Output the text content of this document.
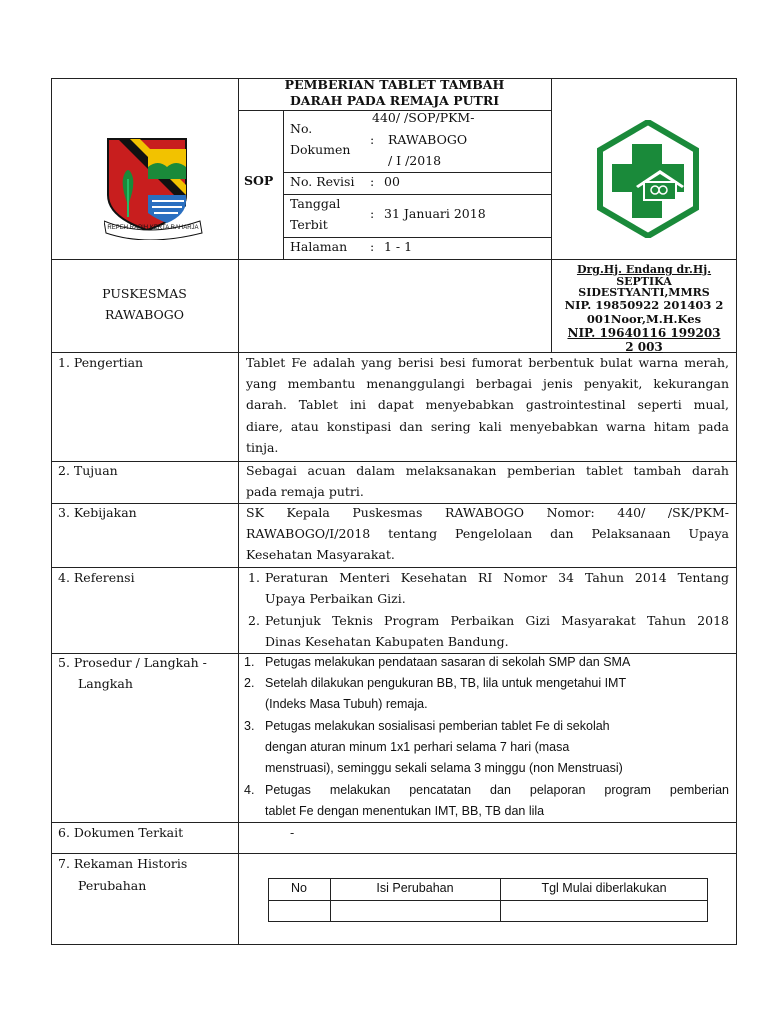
PEMBERIAN TABLET TAMBAH
DARAH PADA REMAJA PUTRI
SOP
No. Dokumen
:
440/ /SOP/PKM-
RAWABOGO
/ I /2018
No. Revisi : 00
Tanggal
Terbit
: 31 Januari 2018
Halaman : 1 - 1
REPEH RAPIH KERTA RAHARJA
PUSKESMAS
RAWABOGO
Drg.Hj. Endang dr.Hj.
SEPTIKA
SIDESTYANTI,MMRS
NIP. 19850922 201403 2
001Noor,M.H.Kes
NIP. 19640116 199203
2 003
1. Pengertian
2. Tujuan
3. Kebijakan
4. Referensi
5. Prosedur / Langkah -
Langkah
6. Dokumen Terkait
7. Rekaman Historis
Perubahan
Tablet Fe adalah yang berisi besi fumorat berbentuk bulat warna merah,
yang membantu menanggulangi berbagai jenis penyakit, kekurangan
darah. Tablet ini dapat menyebabkan gastrointestinal seperti mual,
diare, atau konstipasi dan sering kali menyebabkan warna hitam pada
tinja.
Sebagai acuan dalam melaksanakan pemberian tablet tambah darah
pada remaja putri.
SK Kepala Puskesmas RAWABOGO Nomor: 440/ /SK/PKM-
RAWABOGO/I/2018 tentang Pengelolaan dan Pelaksanaan Upaya
Kesehatan Masyarakat.
1. Peraturan Menteri Kesehatan RI Nomor 34 Tahun 2014 Tentang
Upaya Perbaikan Gizi.
2. Petunjuk Teknis Program Perbaikan Gizi Masyarakat Tahun 2018
Dinas Kesehatan Kabupaten Bandung.
1. Petugas melakukan pendataan sasaran di sekolah SMP dan SMA
2. Setelah dilakukan pengukuran BB, TB, lila untuk mengetahui IMT
(Indeks Masa Tubuh) remaja.
3. Petugas melakukan sosialisasi pemberian tablet Fe di sekolah
dengan aturan minum 1x1 perhari selama 7 hari (masa
menstruasi), seminggu sekali selama 3 minggu (non Menstruasi)
4. Petugas melakukan pencatatan dan pelaporan program pemberian
tablet Fe dengan menentukan IMT, BB, TB dan lila
-
No	Isi Perubahan	Tgl Mulai diberlakukan
